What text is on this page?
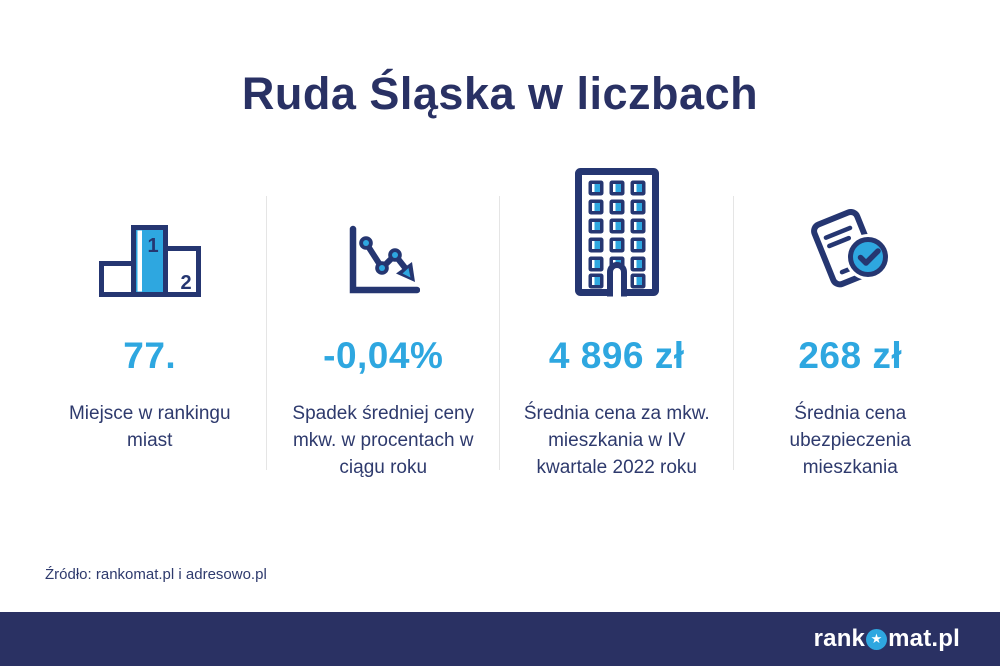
Ruda Śląska w liczbach
1
2
77.
Miejsce w rankingu miast
-0,04%
Spadek średniej ceny mkw. w procentach w ciągu roku
4 896 zł
Średnia cena za mkw. mieszkania w IV kwartale 2022 roku
268 zł
Średnia cena ubezpieczenia mieszkania
Źródło: rankomat.pl i adresowo.pl
rank ★ mat.pl
